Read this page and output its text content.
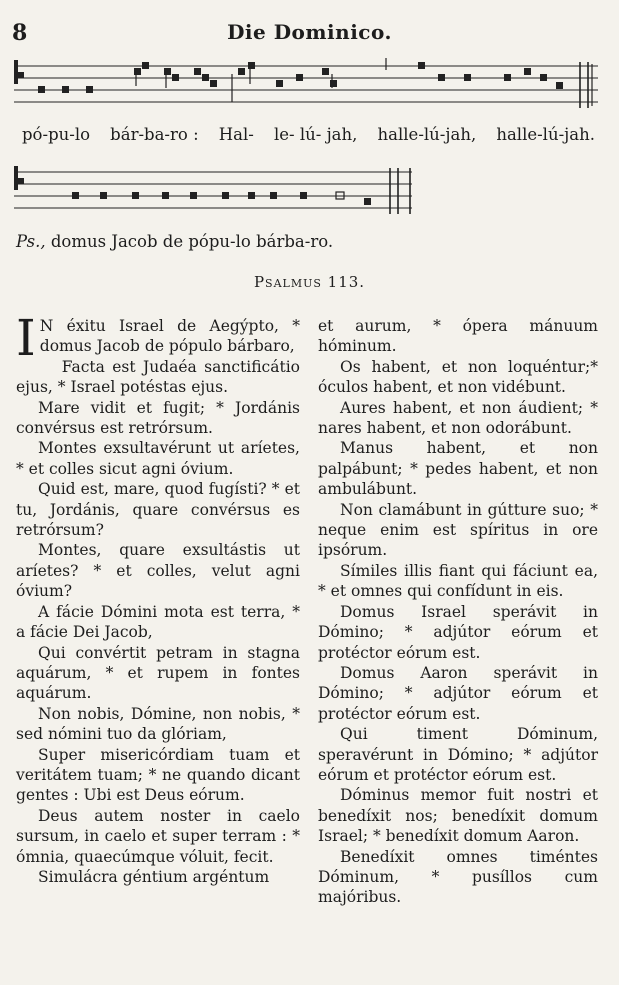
8	Die Dominico.
pó-pu-lo bár-ba-ro : Hal- le- lú- jah, halle-lú-jah, halle-lú-jah.
Ps., domus Jacob de pópu-lo bárba-ro.
Psalmus 113.

I N éxitu Israel de Aegýpto, * domus Jacob de pópulo bárbaro,

Facta est Judaéa sanctificátio ejus, * Israel potéstas ejus.

Mare vidit et fugit; * Jordánis convérsus est retrórsum.

Montes exsultavérunt ut aríetes, * et colles sicut agni óvium.

Quid est, mare, quod fugísti? * et tu, Jordánis, quare convérsus es retrórsum?

Montes, quare exsultástis ut aríetes? * et colles, velut agni óvium?

A fácie Dómini mota est terra, * a fácie Dei Jacob,

Qui convértit petram in stagna aquárum, * et rupem in fontes aquárum.

Non nobis, Dómine, non nobis, * sed nómini tuo da glóriam,

Super misericórdiam tuam et veritátem tuam; * ne quando dicant gentes : Ubi est Deus eórum.

Deus autem noster in caelo sursum, in caelo et super terram : * ómnia, quaecúmque vóluit, fecit.

Simulácra géntium argéntum

et aurum, * ópera mánuum hóminum.

Os habent, et non loquéntur;* óculos habent, et non vidébunt.

Aures habent, et non áudient; * nares habent, et non odorábunt.

Manus habent, et non palpábunt; * pedes habent, et non ambulábunt.

Non clamábunt in gútture suo; * neque enim est spíritus in ore ipsórum.

Símiles illis fiant qui fáciunt ea, * et omnes qui confídunt in eis.

Domus Israel sperávit in Dómino; * adjútor eórum et protéctor eórum est.

Domus Aaron sperávit in Dómino; * adjútor eórum et protéctor eórum est.

Qui timent Dóminum, speravérunt in Dómino; * adjútor eórum et protéctor eórum est.

Dóminus memor fuit nostri et benedíxit nos; benedíxit domum Israel; * benedíxit domum Aaron.

Benedíxit omnes timéntes Dóminum, * pusíllos cum majóribus.
